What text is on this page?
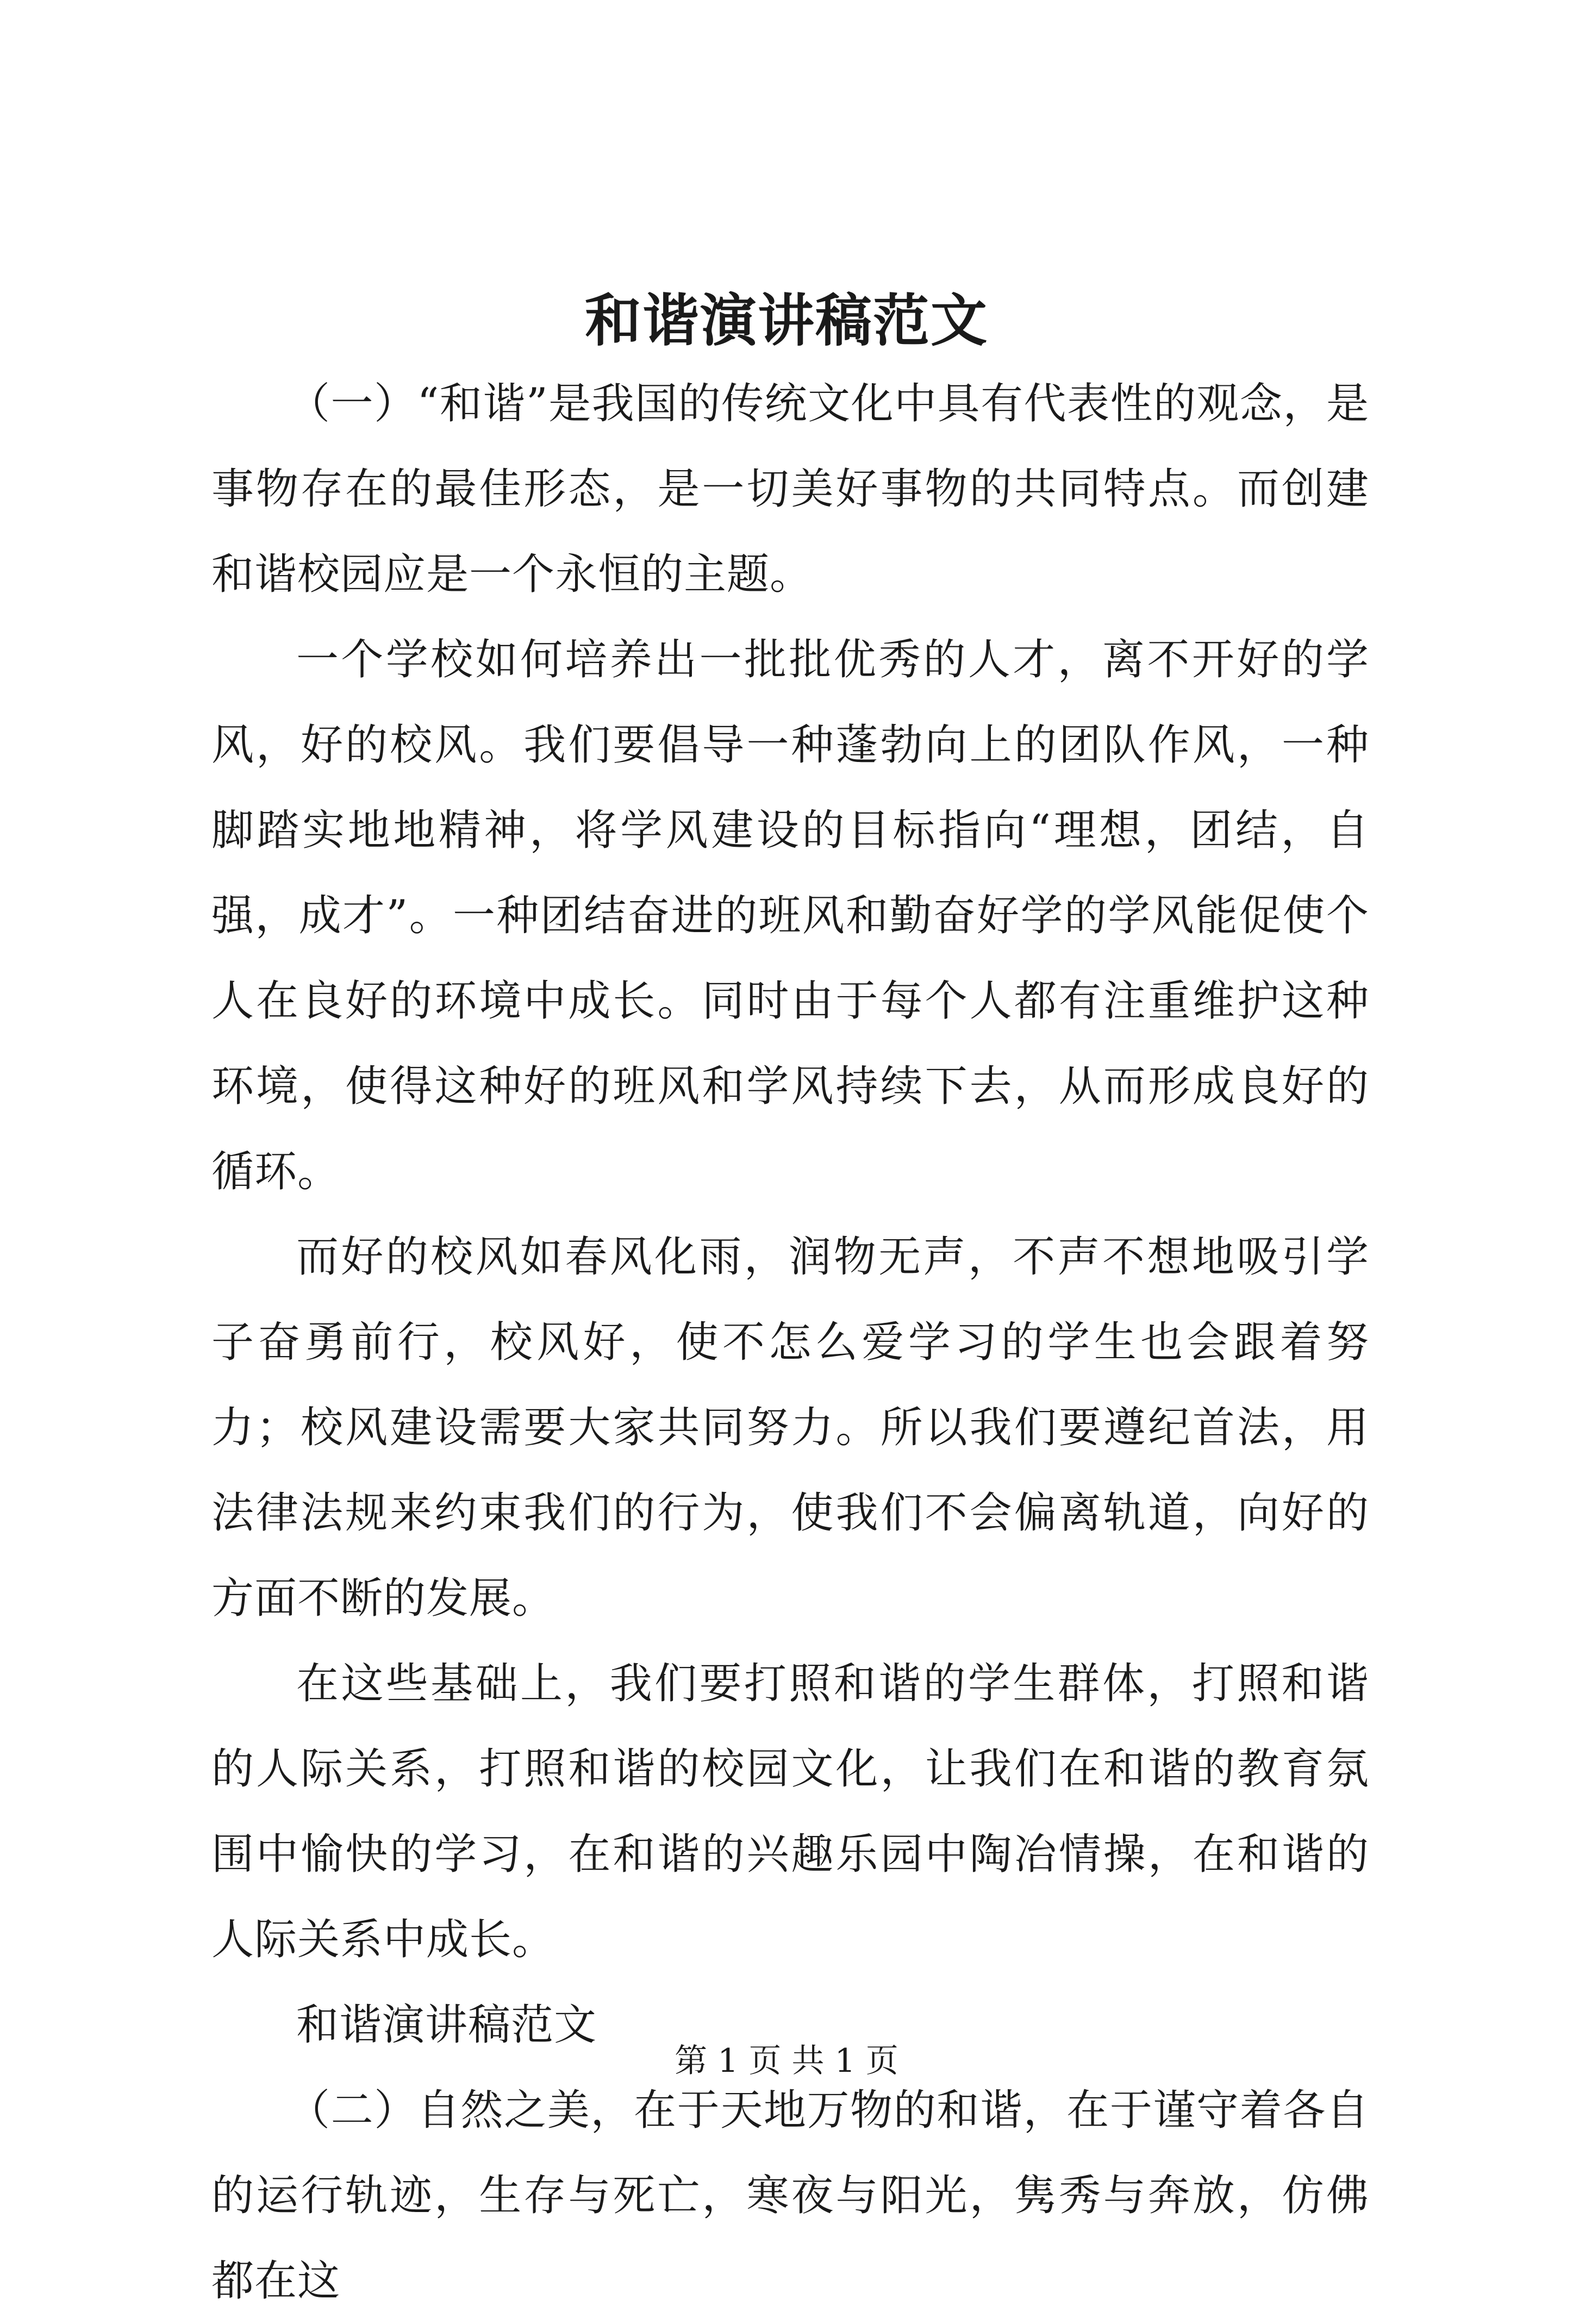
和谐演讲稿范文

（一）“和谐”是我国的传统文化中具有代表性的观念，是事物存在的最佳形态，是一切美好事物的共同特点。而创建和谐校园应是一个永恒的主题。

一个学校如何培养出一批批优秀的人才，离不开好的学风，好的校风。我们要倡导一种蓬勃向上的团队作风，一种脚踏实地地精神，将学风建设的目标指向“理想，团结，自强，成才”。一种团结奋进的班风和勤奋好学的学风能促使个人在良好的环境中成长。同时由于每个人都有注重维护这种环境，使得这种好的班风和学风持续下去，从而形成良好的循环。

而好的校风如春风化雨，润物无声，不声不想地吸引学子奋勇前行，校风好，使不怎么爱学习的学生也会跟着努力；校风建设需要大家共同努力。所以我们要遵纪首法，用法律法规来约束我们的行为，使我们不会偏离轨道，向好的方面不断的发展。

在这些基础上，我们要打照和谐的学生群体，打照和谐的人际关系，打照和谐的校园文化，让我们在和谐的教育氛围中愉快的学习，在和谐的兴趣乐园中陶冶情操，在和谐的人际关系中成长。

和谐演讲稿范文

（二）自然之美，在于天地万物的和谐，在于谨守着各自的运行轨迹，生存与死亡，寒夜与阳光，隽秀与奔放，仿佛都在这

第 1 页 共 1 页
